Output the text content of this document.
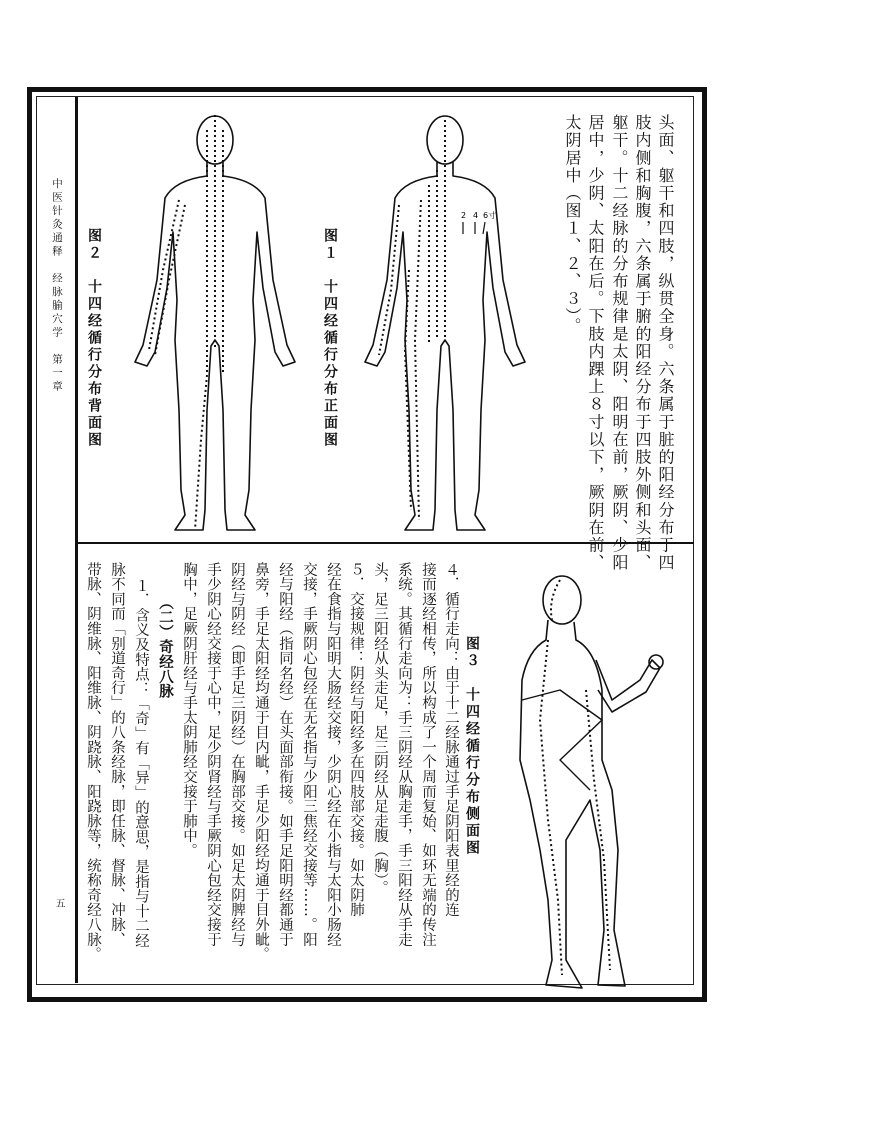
中医针灸通释　经脉腧穴学　第一章
五
头面、躯干和四肢，纵贯全身。六条属于脏的阳经分布于四
肢内侧和胸腹，六条属于腑的阳经分布于四肢外侧和头面、
躯干。十二经脉的分布规律是太阴、阳明在前，厥阴、少阳
居中，少阴、太阳在后。下肢内踝上８寸以下，厥阴在前、
太阴居中（图１、２、３）。
图１　十四经循行分布正面图
图２　十四经循行分布背面图
图３　十四经循行分布侧面图
４．循行走向：由于十二经脉通过手足阴阳表里经的连
接而逐经相传，所以构成了一个周而复始、如环无端的传注
系统。其循行走向为：手三阴经从胸走手，手三阳经从手走
头，足三阳经从头走足，足三阴经从足走腹（胸）。
５．交接规律：阴经与阳经多在四肢部交接。如太阴肺
经在食指与阳明大肠经交接，少阴心经在小指与太阳小肠经
交接，手厥阴心包经在无名指与少阳三焦经交接等……。阳
经与阳经（指同名经）在头面部衔接。如手足阳明经都通于
鼻旁，手足太阳经均通于目内眦，手足少阳经均通于目外眦。
阴经与阴经（即手足三阴经）在胸部交接。如足太阴脾经与
手少阴心经交接于心中，足少阴肾经与手厥阴心包经交接于
胸中，足厥阴肝经与手太阴肺经交接于肺中。
（二）奇经八脉
１．含义及特点：「奇」有「异」的意思，是指与十二经
脉不同而「别道奇行」的八条经脉，即任脉、督脉、冲脉、
带脉、阴维脉、阳维脉、阴跷脉、阳跷脉等，统称奇经八脉。
2 4 6寸
